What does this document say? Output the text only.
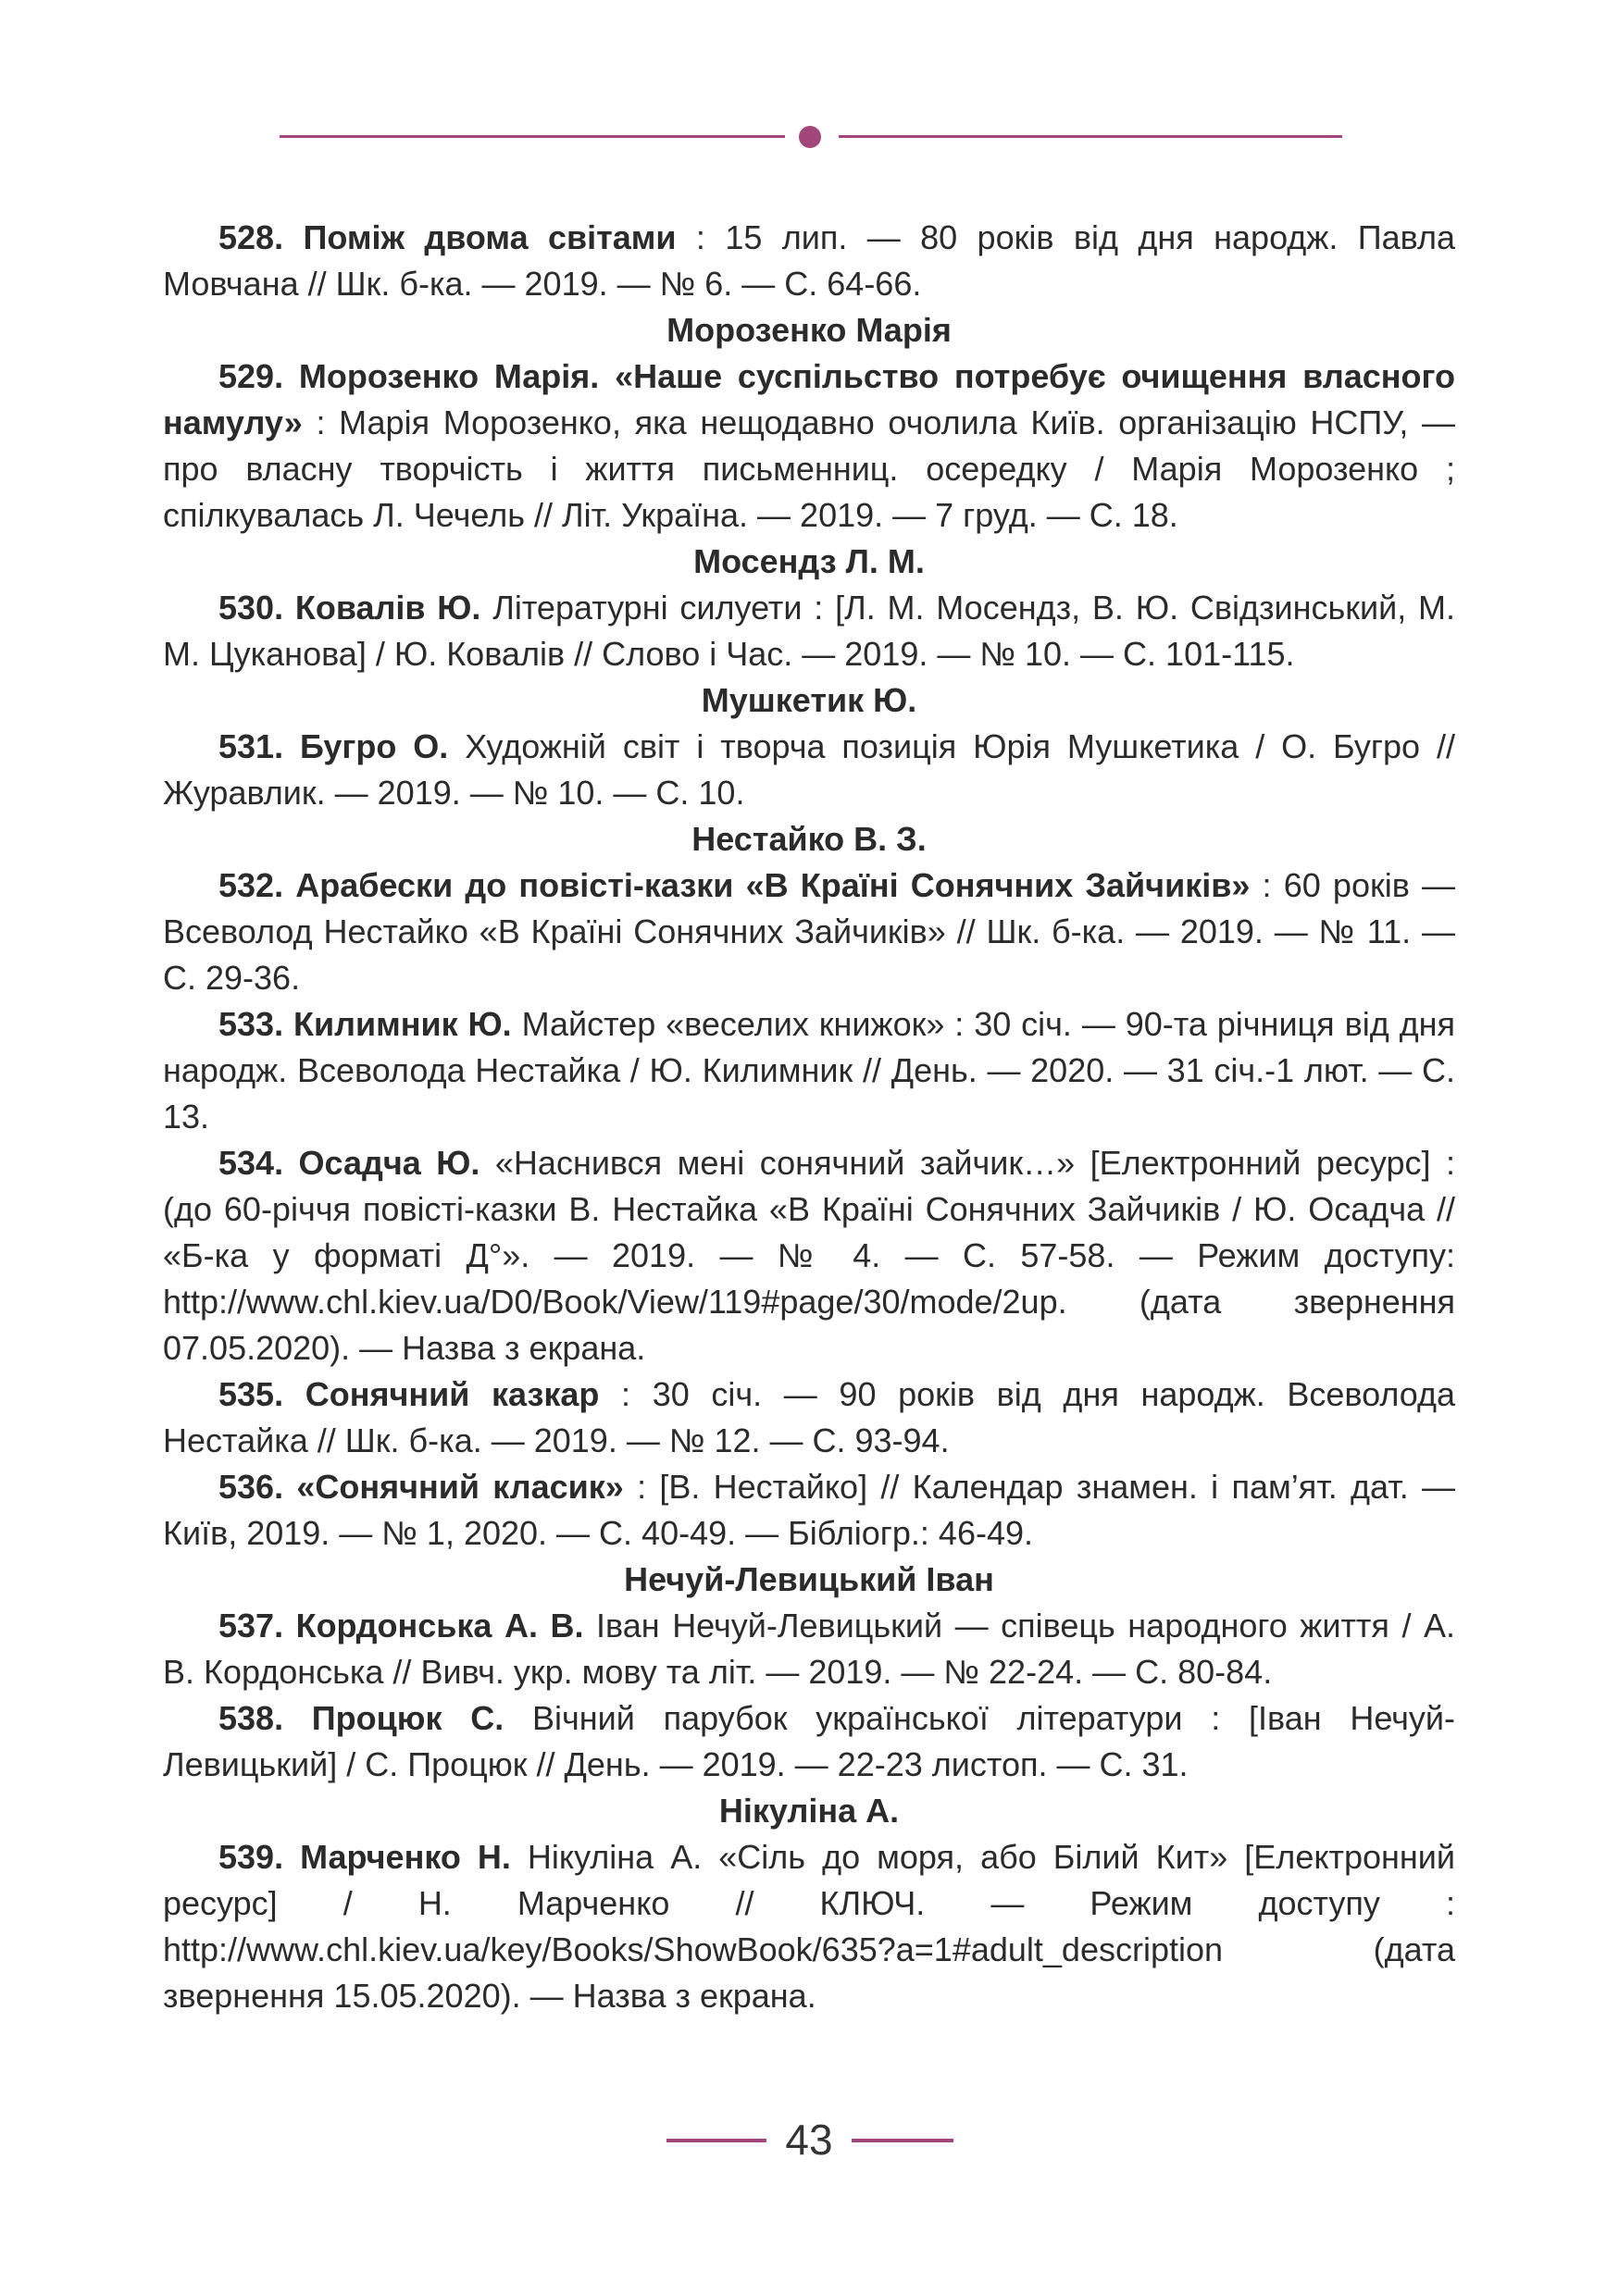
528. Поміж двома світами : 15 лип. — 80 років від дня народж. Павла Мовчана // Шк. б-ка. — 2019. — № 6. — С. 64-66.

Морозенко Марія

529. Морозенко Марія. «Наше суспільство потребує очищення власного намулу» : Марія Морозенко, яка нещодавно очолила Київ. організацію НСПУ, — про власну творчість і життя письменниц. осередку / Марія Морозенко ; спілкувалась Л. Чечель // Літ. Україна. — 2019. — 7 груд. — С. 18.

Мосендз Л. М.

530. Ковалів Ю. Літературні силуети : [Л. М. Мосендз, В. Ю. Свідзинський, М. М. Цуканова] / Ю. Ковалів // Слово і Час. — 2019. — № 10. — С. 101-115.

Мушкетик Ю.

531. Бугро О. Художній світ і творча позиція Юрія Мушкетика / О. Бугро // Журавлик. — 2019. — № 10. — С. 10.

Нестайко В. З.

532. Арабески до повісті-казки «В Країні Сонячних Зайчиків» : 60 років — Всеволод Нестайко «В Країні Сонячних Зайчиків» // Шк. б-ка. — 2019. — № 11. — С. 29-36.

533. Килимник Ю. Майстер «веселих книжок» : 30 січ. — 90-та річниця від дня народж. Всеволода Нестайка / Ю. Килимник // День. — 2020. — 31 січ.-1 лют. — С. 13.

534. Осадча Ю. «Наснився мені сонячний зайчик…» [Електронний ресурс] : (до 60-річчя повісті-казки В. Нестайка «В Країні Сонячних Зайчиків / Ю. Осадча // «Б-ка у форматі Д°». — 2019. — № 4. — С. 57-58. — Режим доступу: http://www.chl.kiev.ua/D0/Book/View/119#page/30/mode/2up. (дата звернення 07.05.2020). — Назва з екрана.

535. Сонячний казкар : 30 січ. — 90 років від дня народж. Всеволода Нестайка // Шк. б-ка. — 2019. — № 12. — С. 93-94.

536. «Сонячний класик» : [В. Нестайко] // Календар знамен. і пам’ят. дат. — Київ, 2019. — № 1, 2020. — С. 40-49. — Бібліогр.: 46-49.

Нечуй-Левицький Іван

537. Кордонська А. В. Іван Нечуй-Левицький — співець народного життя / А. В. Кордонська // Вивч. укр. мову та літ. — 2019. — № 22-24. — С. 80-84.

538. Процюк С. Вічний парубок української літератури : [Іван Нечуй-Левицький] / С. Процюк // День. — 2019. — 22-23 листоп. — С. 31.

Нікуліна А.

539. Марченко Н. Нікуліна А. «Сіль до моря, або Білий Кит» [Електронний ресурс] / Н. Марченко // КЛЮЧ. — Режим доступу : http://www.chl.kiev.ua/key/Books/ShowBook/635?a=1#adult_description (дата звернення 15.05.2020). — Назва з екрана.

43
